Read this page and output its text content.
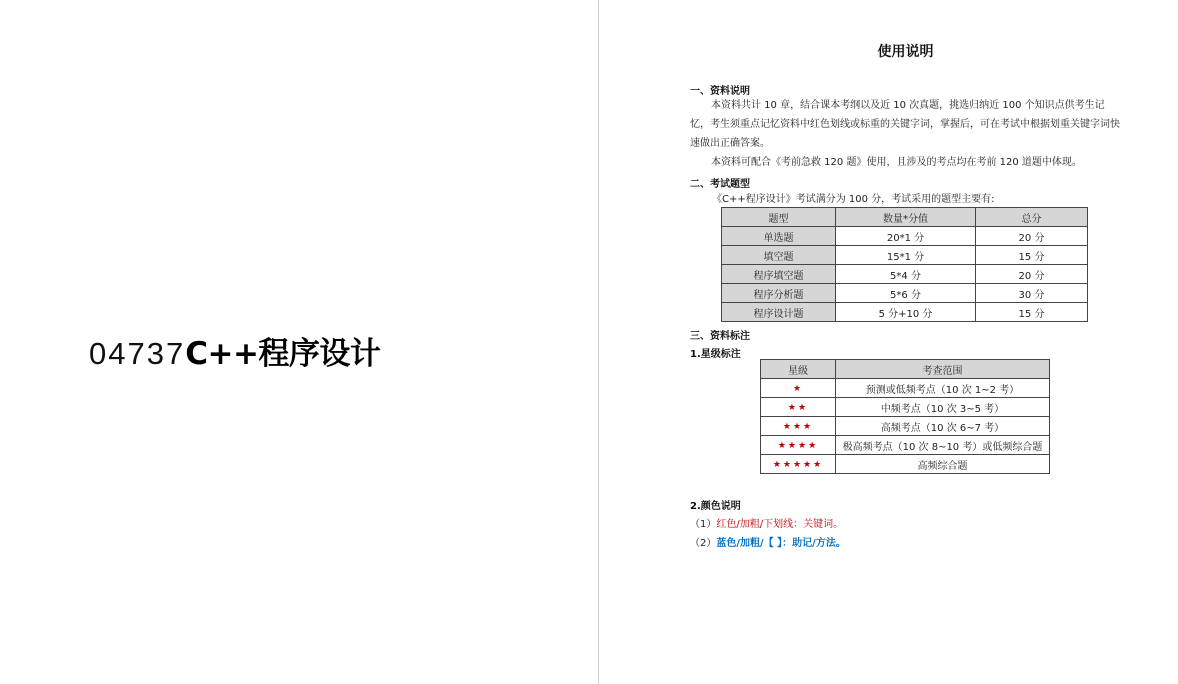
04737C++程序设计
使用说明
一、资料说明
本资料共计 10 章，结合课本考纲以及近 10 次真题，挑选归纳近 100 个知识点供考生记忆，考生须重点记忆资料中红色划线或标重的关键字词，掌握后，可在考试中根据划重关键字词快速做出正确答案。
本资料可配合《考前急救 120 题》使用，且涉及的考点均在考前 120 道题中体现。
二、考试题型
《C++程序设计》考试满分为 100 分，考试采用的题型主要有:
题型	数量*分值	总分
单选题	20*1 分	20 分
填空题	15*1 分	15 分
程序填空题	5*4 分	20 分
程序分析题	5*6 分	30 分
程序设计题	5 分+10 分	15 分
三、资料标注
1.星级标注
星级	考查范围
★	预测或低频考点（10 次 1~2 考）
★★	中频考点（10 次 3~5 考）
★★★	高频考点（10 次 6~7 考）
★★★★	极高频考点（10 次 8~10 考）或低频综合题
★★★★★	高频综合题
2.颜色说明
（1）红色/加粗/下划线：关键词。
（2）蓝色/加粗/【 】：助记/方法。
